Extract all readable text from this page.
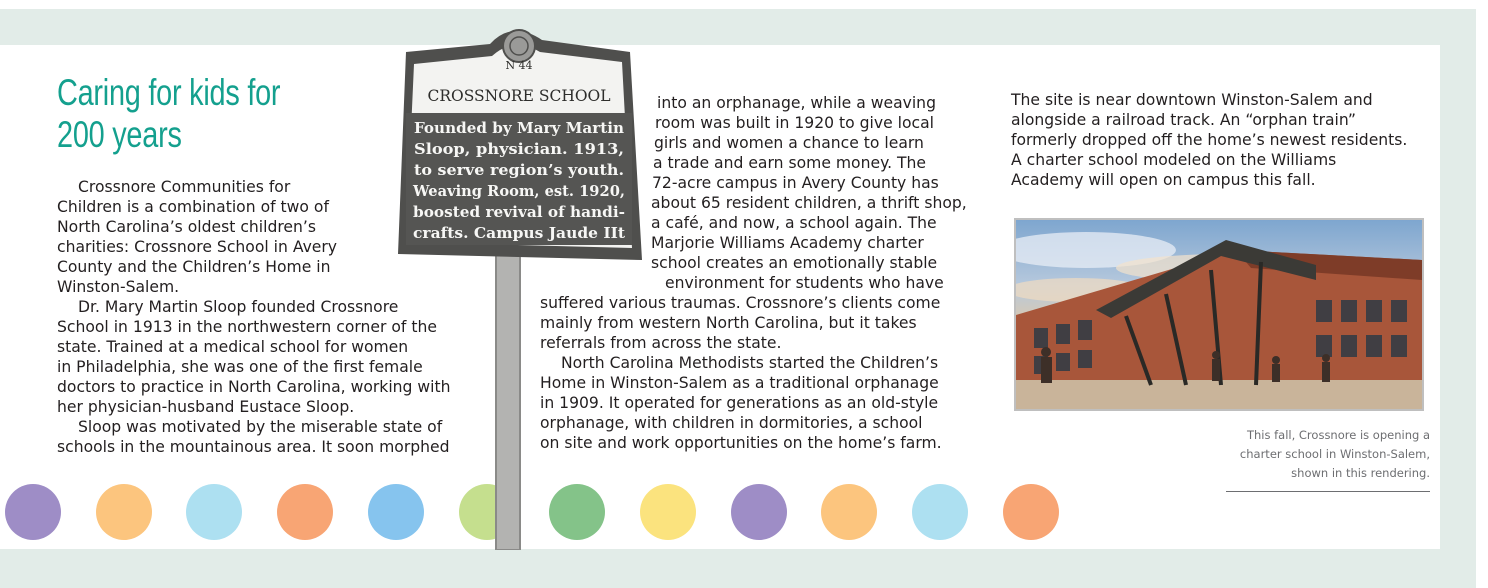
Caring for kids for
200 years

Crossnore Communities for

Children is a combination of two of

North Carolina’s oldest children’s

charities: Crossnore School in Avery

County and the Children’s Home in

Winston-Salem.

Dr. Mary Martin Sloop founded Crossnore

School in 1913 in the northwestern corner of the

state. Trained at a medical school for women

in Philadelphia, she was one of the first female

doctors to practice in North Carolina, working with

her physician-husband Eustace Sloop.

Sloop was motivated by the miserable state of

schools in the mountainous area. It soon morphed

into an orphanage, while a weaving

room was built in 1920 to give local

girls and women a chance to learn

a trade and earn some money. The

72-acre campus in Avery County has

about 65 resident children, a thrift shop,

a café, and now, a school again. The

Marjorie Williams Academy charter

school creates an emotionally stable

environment for students who have

suffered various traumas. Crossnore’s clients come

mainly from western North Carolina, but it takes

referrals from across the state.

North Carolina Methodists started the Children’s

Home in Winston-Salem as a traditional orphanage

in 1909. It operated for generations as an old-style

orphanage, with children in dormitories, a school

on site and work opportunities on the home’s farm.

The site is near downtown Winston-Salem and

alongside a railroad track. An “orphan train”

formerly dropped off the home’s newest residents.

A charter school modeled on the Williams

Academy will open on campus this fall.

This fall, Crossnore is opening a
charter school in Winston-Salem,
shown in this rendering.
N 44
CROSSNORE SCHOOL
Founded by Mary Martin
Sloop, physician. 1913,
to serve region’s youth.
Weaving Room, est. 1920,
boosted revival of handi-
crafts. Campus Jaude IIt
